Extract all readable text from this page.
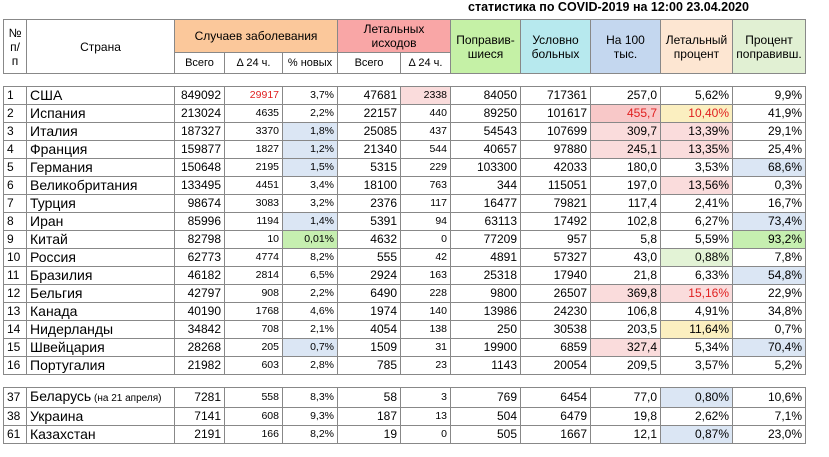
статистика по COVID-2019 на 12:00 23.04.2020
№ п/п	Страна	Случаев заболевания			Летальных исходов		Поправив-шиеся	Условно больных	На 100 тыс.	Летальный процент	Процент поправивш.
		Всего	Δ 24 ч.	% новых	Всего	Δ 24 ч.					

1	США	849092	29917	3,7%	47681	2338	84050	717361	257,0	5,62%	9,9%
2	Испания	213024	4635	2,2%	22157	440	89250	101617	455,7	10,40%	41,9%
3	Италия	187327	3370	1,8%	25085	437	54543	107699	309,7	13,39%	29,1%
4	Франция	159877	1827	1,2%	21340	544	40657	97880	245,1	13,35%	25,4%
5	Германия	150648	2195	1,5%	5315	229	103300	42033	180,0	3,53%	68,6%
6	Великобритания	133495	4451	3,4%	18100	763	344	115051	197,0	13,56%	0,3%
7	Турция	98674	3083	3,2%	2376	117	16477	79821	117,4	2,41%	16,7%
8	Иран	85996	1194	1,4%	5391	94	63113	17492	102,8	6,27%	73,4%
9	Китай	82798	10	0,01%	4632	0	77209	957	5,8	5,59%	93,2%
10	Россия	62773	4774	8,2%	555	42	4891	57327	43,0	0,88%	7,8%
11	Бразилия	46182	2814	6,5%	2924	163	25318	17940	21,8	6,33%	54,8%
12	Бельгия	42797	908	2,2%	6490	228	9800	26507	369,8	15,16%	22,9%
13	Канада	40190	1768	4,6%	1974	140	13986	24230	106,8	4,91%	34,8%
14	Нидерланды	34842	708	2,1%	4054	138	250	30538	203,5	11,64%	0,7%
15	Швейцария	28268	205	0,7%	1509	31	19900	6859	327,4	5,34%	70,4%
16	Португалия	21982	603	2,8%	785	23	1143	20054	209,5	3,57%	5,2%

37	Беларусь (на 21 апреля)	7281	558	8,3%	58	3	769	6454	77,0	0,80%	10,6%
38	Украина	7141	608	9,3%	187	13	504	6479	19,8	2,62%	7,1%
61	Казахстан	2191	166	8,2%	19	0	505	1667	12,1	0,87%	23,0%
